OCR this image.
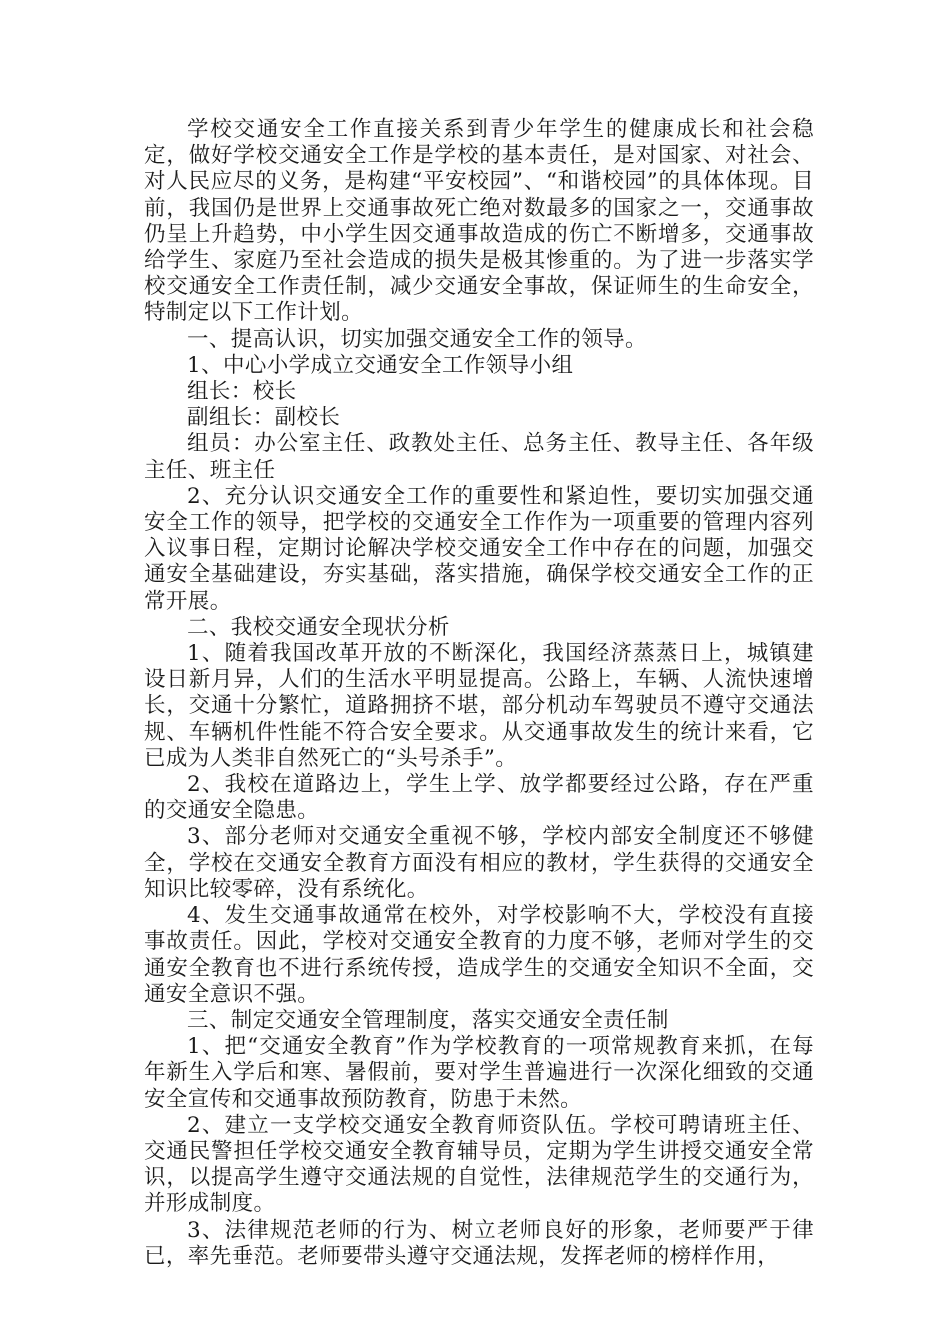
学校交通安全工作直接关系到青少年学生的健康成长和社会稳定，做好学校交通安全工作是学校的基本责任，是对国家、对社会、对人民应尽的义务，是构建“平安校园”、“和谐校园”的具体体现。目前，我国仍是世界上交通事故死亡绝对数最多的国家之一，交通事故仍呈上升趋势，中小学生因交通事故造成的伤亡不断增多，交通事故给学生、家庭乃至社会造成的损失是极其惨重的。为了进一步落实学校交通安全工作责任制，减少交通安全事故，保证师生的生命安全，特制定以下工作计划。

一、提高认识，切实加强交通安全工作的领导。

1、中心小学成立交通安全工作领导小组

组长：校长

副组长：副校长

组员：办公室主任、政教处主任、总务主任、教导主任、各年级主任、班主任

2、充分认识交通安全工作的重要性和紧迫性，要切实加强交通安全工作的领导，把学校的交通安全工作作为一项重要的管理内容列入议事日程，定期讨论解决学校交通安全工作中存在的问题，加强交通安全基础建设，夯实基础，落实措施，确保学校交通安全工作的正常开展。

二、我校交通安全现状分析

1、随着我国改革开放的不断深化，我国经济蒸蒸日上，城镇建设日新月异，人们的生活水平明显提高。公路上，车辆、人流快速增长，交通十分繁忙，道路拥挤不堪，部分机动车驾驶员不遵守交通法规、车辆机件性能不符合安全要求。从交通事故发生的统计来看，它已成为人类非自然死亡的“头号杀手”。

2、我校在道路边上，学生上学、放学都要经过公路，存在严重的交通安全隐患。

3、部分老师对交通安全重视不够，学校内部安全制度还不够健全，学校在交通安全教育方面没有相应的教材，学生获得的交通安全知识比较零碎，没有系统化。

4、发生交通事故通常在校外，对学校影响不大，学校没有直接事故责任。因此，学校对交通安全教育的力度不够，老师对学生的交通安全教育也不进行系统传授，造成学生的交通安全知识不全面，交通安全意识不强。

三、制定交通安全管理制度，落实交通安全责任制

1、把“交通安全教育”作为学校教育的一项常规教育来抓，在每年新生入学后和寒、暑假前，要对学生普遍进行一次深化细致的交通安全宣传和交通事故预防教育，防患于未然。

2、建立一支学校交通安全教育师资队伍。学校可聘请班主任、交通民警担任学校交通安全教育辅导员，定期为学生讲授交通安全常识，以提高学生遵守交通法规的自觉性，法律规范学生的交通行为，并形成制度。

3、法律规范老师的行为、树立老师良好的形象，老师要严于律已，率先垂范。老师要带头遵守交通法规，发挥老师的榜样作用，
